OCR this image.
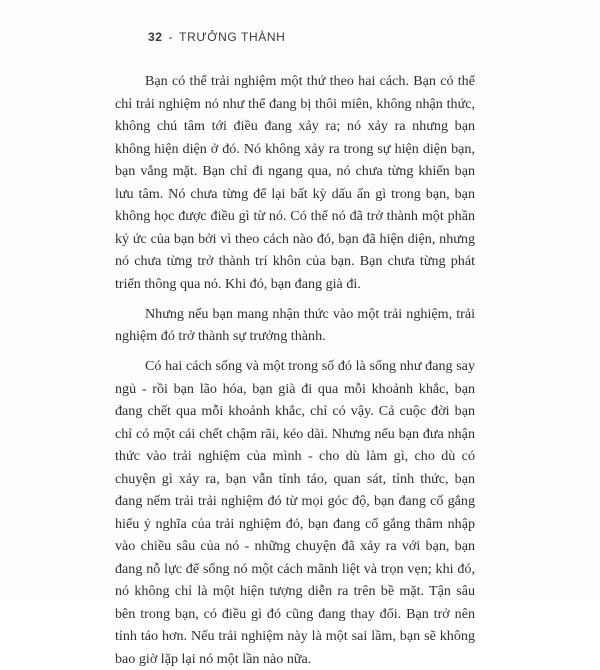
32 - TRƯỞNG THÀNH

Bạn có thể trải nghiệm một thứ theo hai cách. Bạn có thể chỉ trải nghiệm nó như thể đang bị thôi miên, không nhận thức, không chú tâm tới điều đang xảy ra; nó xảy ra nhưng bạn không hiện diện ở đó. Nó không xảy ra trong sự hiện diện bạn, bạn vắng mặt. Bạn chỉ đi ngang qua, nó chưa từng khiến bạn lưu tâm. Nó chưa từng để lại bất kỳ dấu ấn gì trong bạn, bạn không học được điều gì từ nó. Có thể nó đã trở thành một phần ký ức của bạn bởi vì theo cách nào đó, bạn đã hiện diện, nhưng nó chưa từng trở thành trí khôn của bạn. Bạn chưa từng phát triển thông qua nó. Khi đó, bạn đang già đi.

Nhưng nếu bạn mang nhận thức vào một trải nghiệm, trải nghiệm đó trở thành sự trưởng thành.

Có hai cách sống và một trong số đó là sống như đang say ngủ - rồi bạn lão hóa, bạn già đi qua mỗi khoảnh khắc, bạn đang chết qua mỗi khoảnh khắc, chỉ có vậy. Cả cuộc đời bạn chỉ có một cái chết chậm rãi, kéo dài. Nhưng nếu bạn đưa nhận thức vào trải nghiệm của mình - cho dù làm gì, cho dù có chuyện gì xảy ra, bạn vẫn tỉnh táo, quan sát, tỉnh thức, bạn đang nếm trải trải nghiệm đó từ mọi góc độ, bạn đang cố gắng hiểu ý nghĩa của trải nghiệm đó, bạn đang cố gắng thâm nhập vào chiều sâu của nó - những chuyện đã xảy ra với bạn, bạn đang nỗ lực để sống nó một cách mãnh liệt và trọn vẹn; khi đó, nó không chỉ là một hiện tượng diễn ra trên bề mặt. Tận sâu bên trong bạn, có điều gì đó cũng đang thay đổi. Bạn trở nên tỉnh táo hơn. Nếu trải nghiệm này là một sai lầm, bạn sẽ không bao giờ lặp lại nó một lần nào nữa.
